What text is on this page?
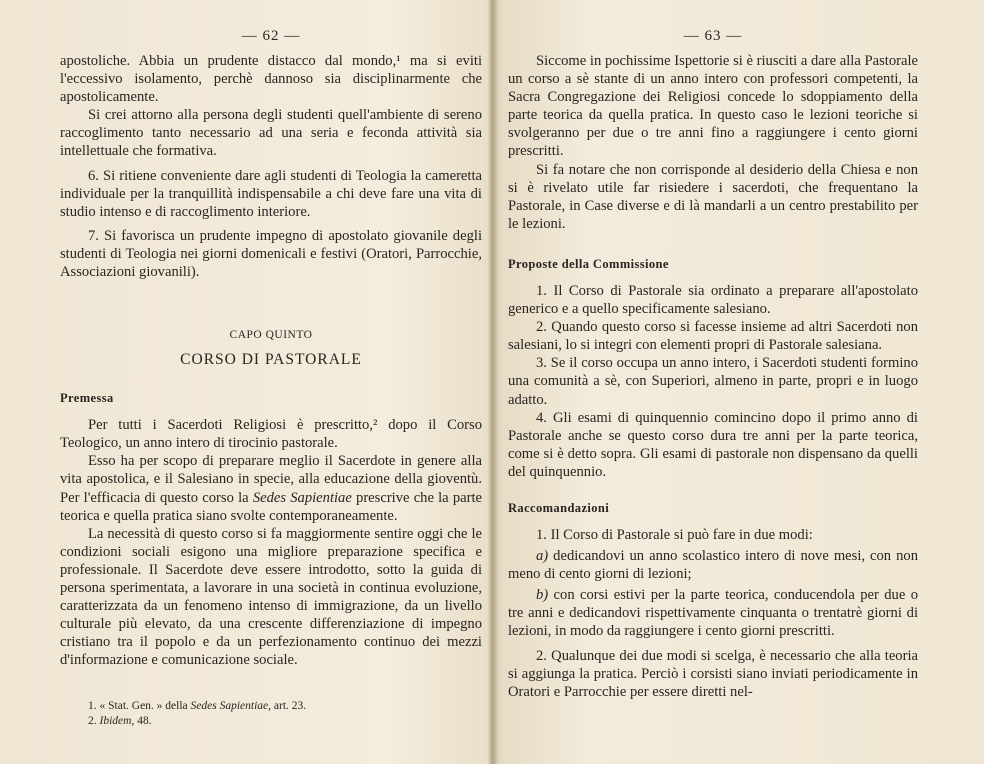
— 62 —

apostoliche. Abbia un prudente distacco dal mondo,¹ ma si eviti l'eccessivo isolamento, perchè dannoso sia disciplinarmente che apostolicamente.

Si crei attorno alla persona degli studenti quell'ambiente di sereno raccoglimento tanto necessario ad una seria e feconda attività sia intellettuale che formativa.

6. Si ritiene conveniente dare agli studenti di Teologia la cameretta individuale per la tranquillità indispensabile a chi deve fare una vita di studio intenso e di raccoglimento interiore.

7. Si favorisca un prudente impegno di apostolato giovanile degli studenti di Teologia nei giorni domenicali e festivi (Oratori, Parrocchie, Associazioni giovanili).

CAPO QUINTO
CORSO DI PASTORALE
Premessa

Per tutti i Sacerdoti Religiosi è prescritto,² dopo il Corso Teologico, un anno intero di tirocinio pastorale.

Esso ha per scopo di preparare meglio il Sacerdote in genere alla vita apostolica, e il Salesiano in specie, alla educazione della gioventù. Per l'efficacia di questo corso la Sedes Sapientiae prescrive che la parte teorica e quella pratica siano svolte contemporaneamente.

La necessità di questo corso si fa maggiormente sentire oggi che le condizioni sociali esigono una migliore preparazione specifica e professionale. Il Sacerdote deve essere introdotto, sotto la guida di persona sperimentata, a lavorare in una società in continua evoluzione, caratterizzata da un fenomeno intenso di immigrazione, da un livello culturale più elevato, da una crescente differenziazione di impegno cristiano tra il popolo e da un perfezionamento continuo dei mezzi d'informazione e comunicazione sociale.

1. « Stat. Gen. » della Sedes Sapientiae, art. 23.

2. Ibidem, 48.

— 63 —

Siccome in pochissime Ispettorie si è riusciti a dare alla Pastorale un corso a sè stante di un anno intero con professori competenti, la Sacra Congregazione dei Religiosi concede lo sdoppiamento della parte teorica da quella pratica. In questo caso le lezioni teoriche si svolgeranno per due o tre anni fino a raggiungere i cento giorni prescritti.

Si fa notare che non corrisponde al desiderio della Chiesa e non si è rivelato utile far risiedere i sacerdoti, che frequentano la Pastorale, in Case diverse e di là mandarli a un centro prestabilito per le lezioni.

Proposte della Commissione

1. Il Corso di Pastorale sia ordinato a preparare all'apostolato generico e a quello specificamente salesiano.

2. Quando questo corso si facesse insieme ad altri Sacerdoti non salesiani, lo si integri con elementi propri di Pastorale salesiana.

3. Se il corso occupa un anno intero, i Sacerdoti studenti formino una comunità a sè, con Superiori, almeno in parte, propri e in luogo adatto.

4. Gli esami di quinquennio comincino dopo il primo anno di Pastorale anche se questo corso dura tre anni per la parte teorica, come si è detto sopra. Gli esami di pastorale non dispensano da quelli del quinquennio.

Raccomandazioni

1. Il Corso di Pastorale si può fare in due modi:

a) dedicandovi un anno scolastico intero di nove mesi, con non meno di cento giorni di lezioni;

b) con corsi estivi per la parte teorica, conducendola per due o tre anni e dedicandovi rispettivamente cinquanta o trentatrè giorni di lezioni, in modo da raggiungere i cento giorni prescritti.

2. Qualunque dei due modi si scelga, è necessario che alla teoria si aggiunga la pratica. Perciò i corsisti siano inviati periodicamente in Oratori e Parrocchie per essere diretti nel-
